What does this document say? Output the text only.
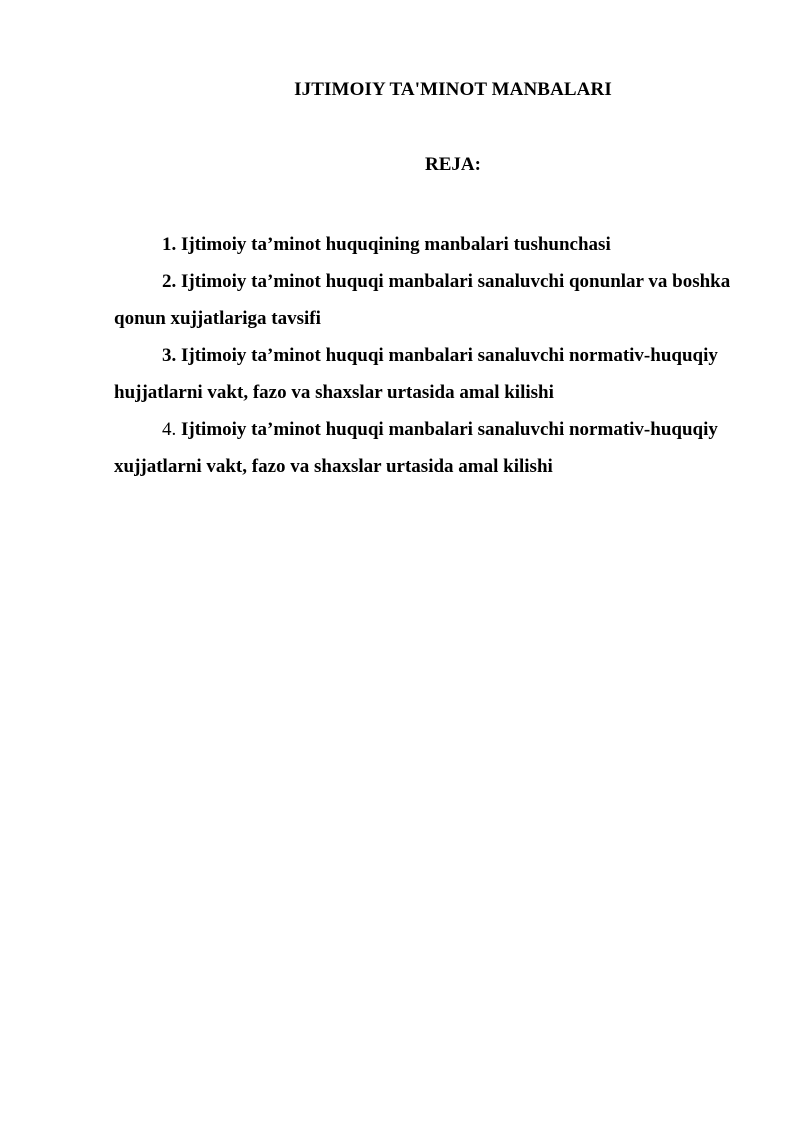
IJTIMOIY TA'MINOT MANBALARI
REJA:
1. Ijtimoiy ta’minot huquqining manbalari tushunchasi
2. Ijtimoiy ta’minot huquqi manbalari sanaluvchi qonunlar va boshka qonun xujjatlariga tavsifi
3. Ijtimoiy ta’minot huquqi manbalari sanaluvchi normativ-huquqiy hujjatlarni vakt, fazo va shaxslar urtasida amal kilishi
4. Ijtimoiy ta’minot huquqi manbalari sanaluvchi normativ-huquqiy xujjatlarni vakt, fazo va shaxslar urtasida amal kilishi
